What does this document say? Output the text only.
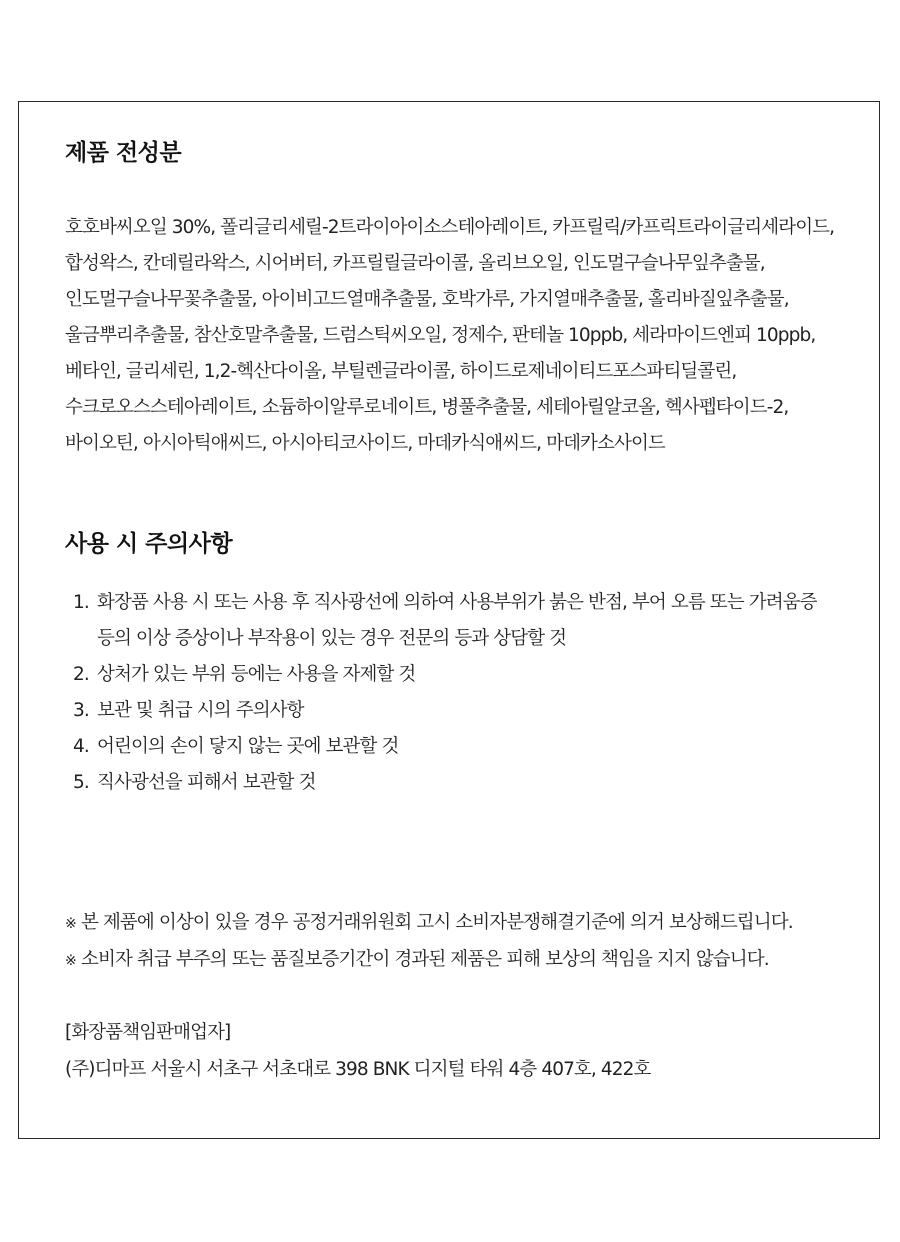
제품 전성분

호호바씨오일 30%, 폴리글리세릴-2트라이아이소스테아레이트, 카프릴릭/카프릭트라이글리세라이드, 합성왁스, 칸데릴라왁스, 시어버터, 카프릴릴글라이콜, 올리브오일, 인도멀구슬나무잎추출물, 인도멀구슬나무꽃추출물, 아이비고드열매추출물, 호박가루, 가지열매추출물, 홀리바질잎추출물, 울금뿌리추출물, 참산호말추출물, 드럼스틱씨오일, 정제수, 판테놀 10ppb, 세라마이드엔피 10ppb, 베타인, 글리세린, 1,2-헥산다이올, 부틸렌글라이콜, 하이드로제네이티드포스파티딜콜린, 수크로오스스테아레이트, 소듐하이알루로네이트, 병풀추출물, 세테아릴알코올, 헥사펩타이드-2, 바이오틴, 아시아틱애씨드, 아시아티코사이드, 마데카식애씨드, 마데카소사이드

사용 시 주의사항
1. 화장품 사용 시 또는 사용 후 직사광선에 의하여 사용부위가 붉은 반점, 부어 오름 또는 가려움증 등의 이상 증상이나 부작용이 있는 경우 전문의 등과 상담할 것
2. 상처가 있는 부위 등에는 사용을 자제할 것
3. 보관 및 취급 시의 주의사항
4. 어린이의 손이 닿지 않는 곳에 보관할 것
5. 직사광선을 피해서 보관할 것
※ 본 제품에 이상이 있을 경우 공정거래위원회 고시 소비자분쟁해결기준에 의거 보상해드립니다.
※ 소비자 취급 부주의 또는 품질보증기간이 경과된 제품은 피해 보상의 책임을 지지 않습니다.
[화장품책임판매업자]
(주)디마프 서울시 서초구 서초대로 398 BNK 디지털 타워 4층 407호, 422호
